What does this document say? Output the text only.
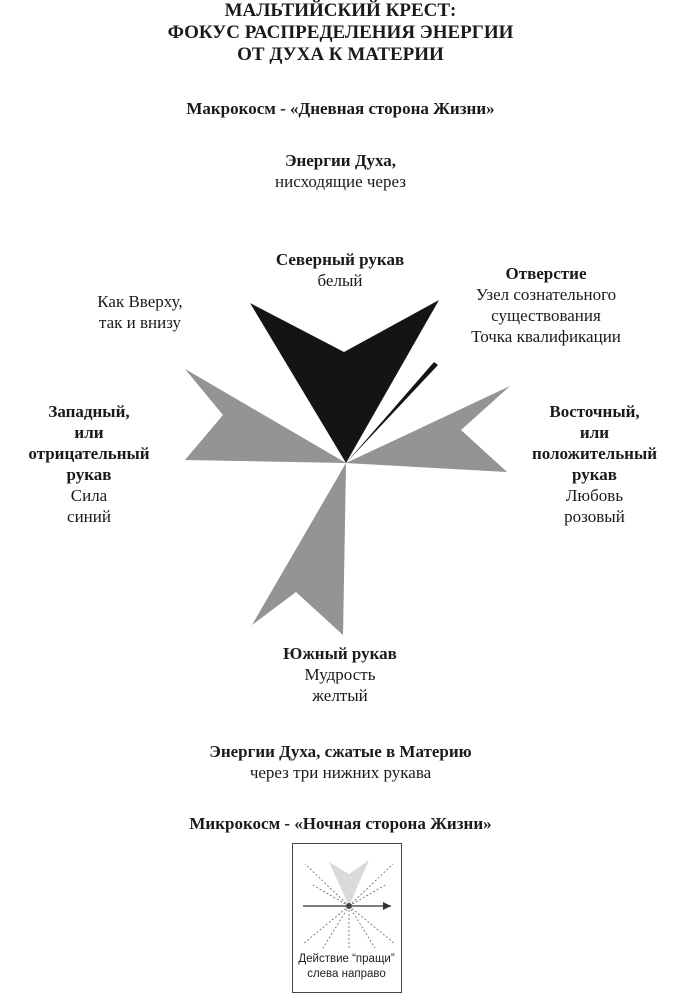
МАЛЬТИЙСКИЙ КРЕСТ:
ФОКУС РАСПРЕДЕЛЕНИЯ ЭНЕРГИИ
ОТ ДУХА К МАТЕРИИ
Макрокосм - «Дневная сторона Жизни»
Энергии Духа,
нисходящие через
Северный рукав
белый	Отверстие
Узел сознательного
существования
Точка квалификации
Как Вверху,
так и внизу
Западный,
или
отрицательный
рукав
Сила
синий
Восточный,
или
положительный
рукав
Любовь
розовый
Южный рукав
Мудрость
желтый
Энергии Духа, сжатые в Материю
через три нижних рукава
Микрокосм - «Ночная сторона Жизни»
Действие “пращи”
слева направо
